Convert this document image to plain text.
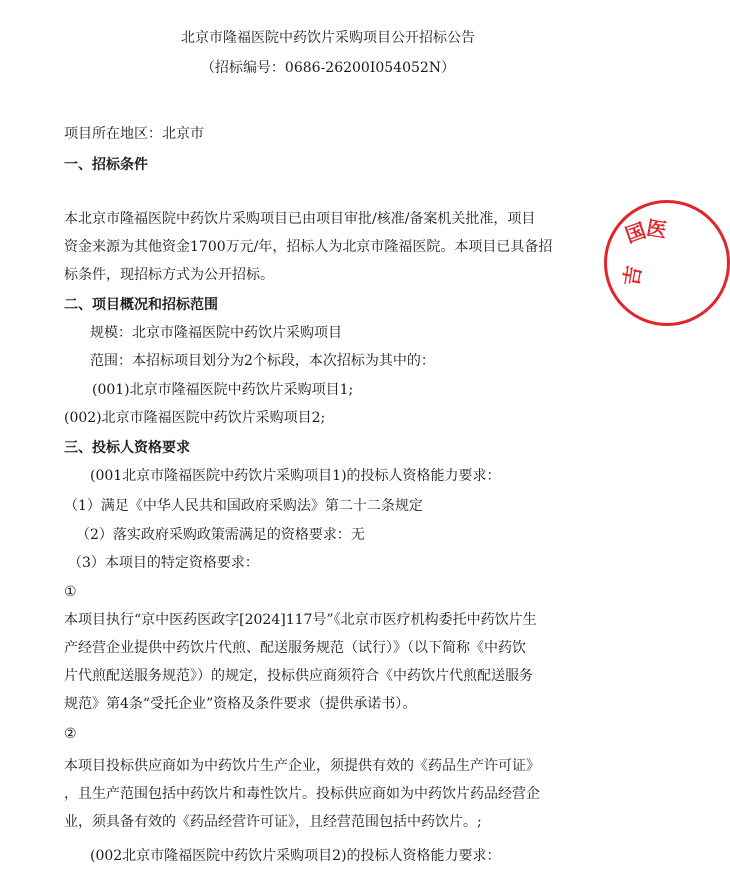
北京市隆福医院中药饮片采购项目公开招标公告
（招标编号：0686-26200I054052N）
项目所在地区：北京市
一、招标条件
本北京市隆福医院中药饮片采购项目已由项目审批/核准/备案机关批准，项目
资金来源为其他资金1700万元/年，招标人为北京市隆福医院。本项目已具备招
标条件，现招标方式为公开招标。
二、项目概况和招标范围
规模：北京市隆福医院中药饮片采购项目
范围：本招标项目划分为2个标段，本次招标为其中的：
(001)北京市隆福医院中药饮片采购项目1;
(002)北京市隆福医院中药饮片采购项目2;
三、投标人资格要求
(001北京市隆福医院中药饮片采购项目1)的投标人资格能力要求：
（1）满足《中华人民共和国政府采购法》第二十二条规定
（2）落实政府采购政策需满足的资格要求：无
（3）本项目的特定资格要求：
①
本项目执行“京中医药医政字[2024]117号”《北京市医疗机构委托中药饮片生
产经营企业提供中药饮片代煎、配送服务规范（试行）》（以下简称《中药饮
片代煎配送服务规范》）的规定，投标供应商须符合《中药饮片代煎配送服务
规范》第4条“受托企业”资格及条件要求（提供承诺书）。
②
本项目投标供应商如为中药饮片生产企业，须提供有效的《药品生产许可证》
，且生产范围包括中药饮片和毒性饮片。投标供应商如为中药饮片药品经营企
业，须具备有效的《药品经营许可证》，且经营范围包括中药饮片。;
(002北京市隆福医院中药饮片采购项目2)的投标人资格能力要求：
国
医
吉
